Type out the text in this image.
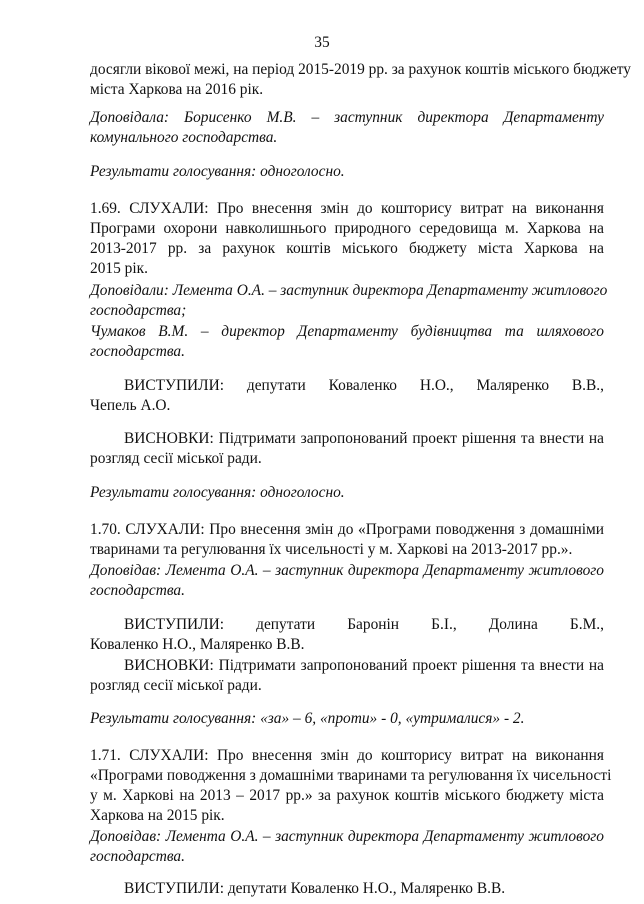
35
досягли вікової межі, на період 2015-2019 рр. за рахунок коштів міського бюджету
міста Харкова на 2016 рік.
Доповідала: Борисенко М.В. – заступник директора Департаменту
комунального господарства.
Результати голосування: одноголосно.
1.69. СЛУХАЛИ: Про внесення змін до кошторису витрат на виконання
Програми охорони навколишнього природного середовища м. Харкова на
2013-2017 рр. за рахунок коштів міського бюджету міста Харкова на
2015 рік.
Доповідали: Лемента О.А. – заступник директора Департаменту житлового
господарства;
Чумаков В.М. – директор Департаменту будівництва та шляхового
господарства.
ВИСТУПИЛИ: депутати Коваленко Н.О., Маляренко В.В.,
Чепель А.О.
ВИСНОВКИ: Підтримати запропонований проект рішення та внести на
розгляд сесії міської ради.
Результати голосування: одноголосно.
1.70. СЛУХАЛИ: Про внесення змін до «Програми поводження з домашніми
тваринами та регулювання їх чисельності у м. Харкові на 2013-2017 рр.».
Доповідав: Лемента О.А. – заступник директора Департаменту житлового
господарства.
ВИСТУПИЛИ: депутати Баронін Б.І., Долина Б.М.,
Коваленко Н.О., Маляренко В.В.
ВИСНОВКИ: Підтримати запропонований проект рішення та внести на
розгляд сесії міської ради.
Результати голосування: «за» – 6, «проти» - 0, «утрималися» - 2.
1.71. СЛУХАЛИ: Про внесення змін до кошторису витрат на виконання
«Програми поводження з домашніми тваринами та регулювання їх чисельності
у м. Харкові на 2013 – 2017 рр.» за рахунок коштів міського бюджету міста
Харкова на 2015 рік.
Доповідав: Лемента О.А. – заступник директора Департаменту житлового
господарства.
ВИСТУПИЛИ: депутати Коваленко Н.О., Маляренко В.В.
